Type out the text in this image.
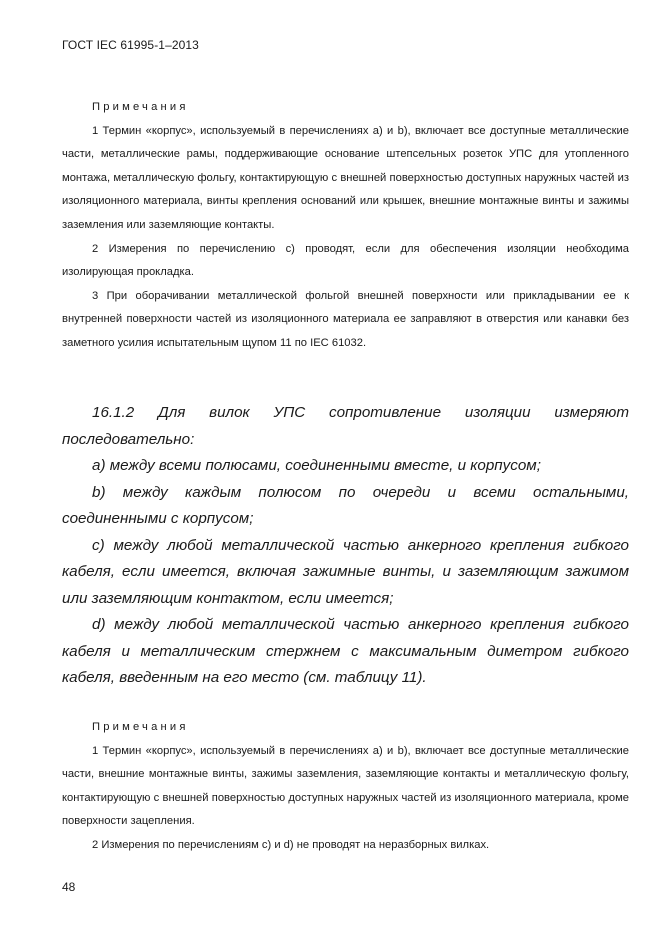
ГОСТ IEC 61995-1–2013

Примечания

1 Термин «корпус», используемый в перечислениях a) и b), включает все доступные металлические части, металлические рамы, поддерживающие основание штепсельных розеток УПС для утопленного монтажа, металлическую фольгу, контактирующую с внешней поверхностью доступных наружных частей из изоляционного материала, винты крепления оснований или крышек, внешние монтажные винты и зажимы заземления или заземляющие контакты.

2 Измерения по перечислению c) проводят, если для обеспечения изоляции необходима изолирующая прокладка.

3 При оборачивании металлической фольгой внешней поверхности или прикладывании ее к внутренней поверхности частей из изоляционного материала ее заправляют в отверстия или канавки без заметного усилия испытательным щупом 11 по IEC 61032.

16.1.2 Для вилок УПС сопротивление изоляции измеряют последовательно:

a) между всеми полюсами, соединенными вместе, и корпусом;

b) между каждым полюсом по очереди и всеми остальными, соединенными с корпусом;

c) между любой металлической частью анкерного крепления гибкого кабеля, если имеется, включая зажимные винты, и заземляющим зажимом или заземляющим контактом, если имеется;

d) между любой металлической частью анкерного крепления гибкого кабеля и металлическим стержнем с максимальным диметром гибкого кабеля, введенным на его место (см. таблицу 11).

Примечания

1 Термин «корпус», используемый в перечислениях a) и b), включает все доступные металлические части, внешние монтажные винты, зажимы заземления, заземляющие контакты и металлическую фольгу, контактирующую с внешней поверхностью доступных наружных частей из изоляционного материала, кроме поверхности зацепления.

2 Измерения по перечислениям c) и d) не проводят на неразборных вилках.

48
